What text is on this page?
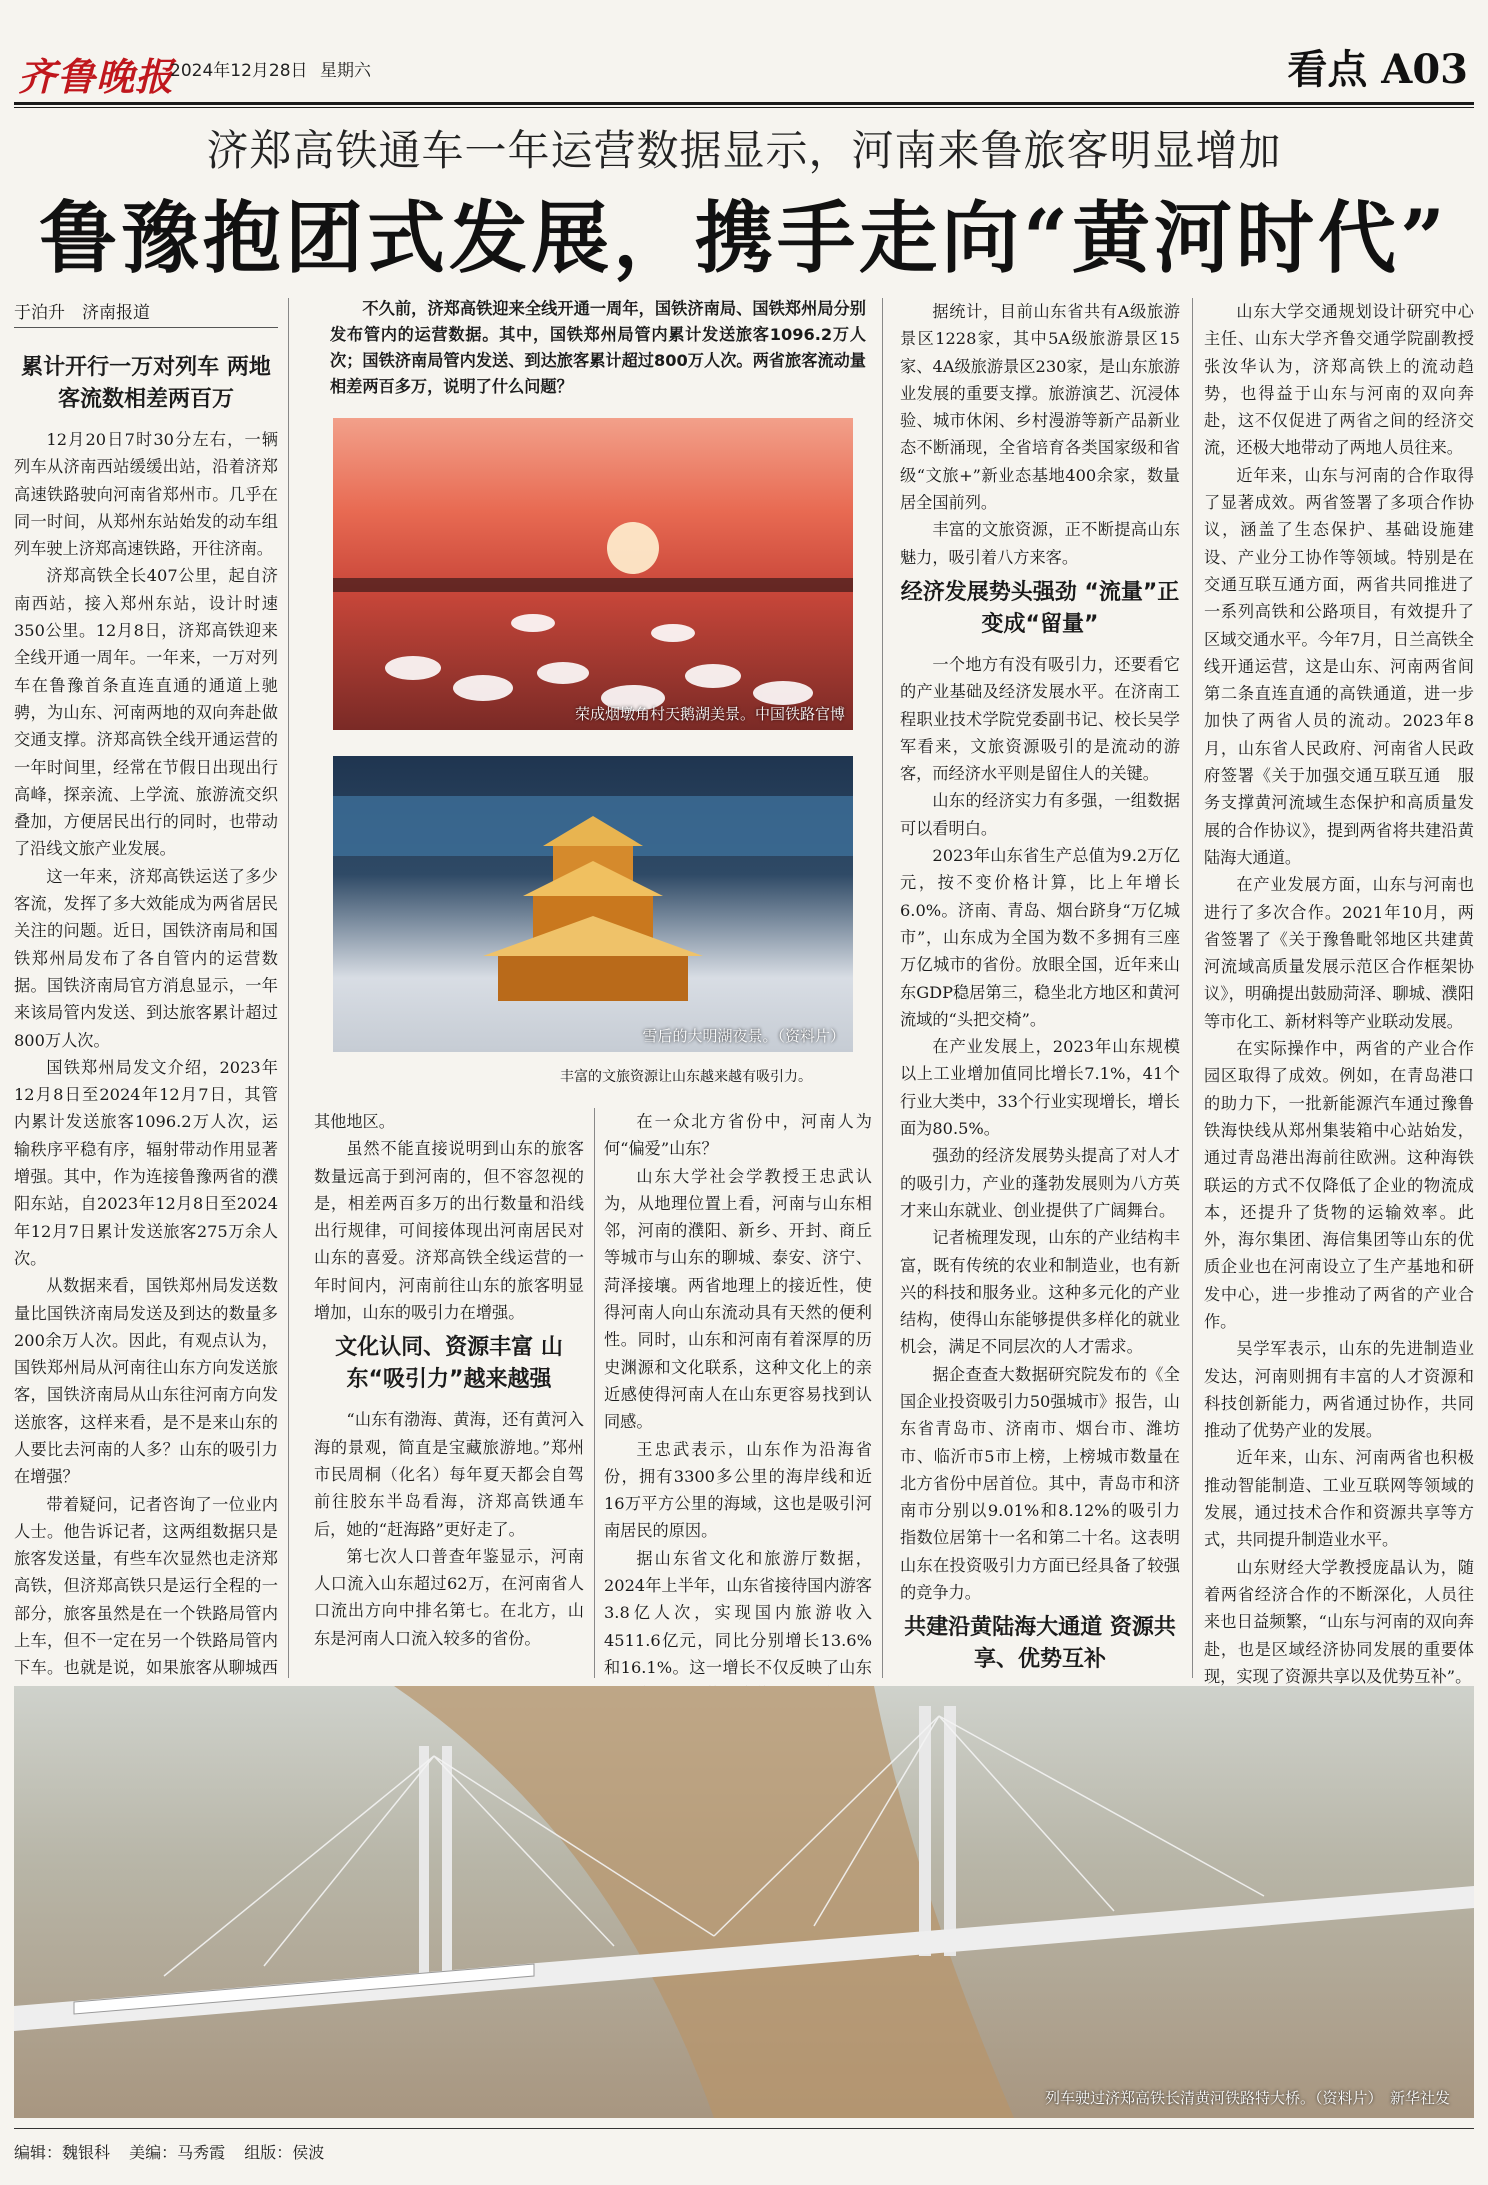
齐鲁晚报
2024年12月28日 星期六	看点 A03
济郑高铁通车一年运营数据显示，河南来鲁旅客明显增加
鲁豫抱团式发展，携手走向“黄河时代”
于泊升　济南报道
累计开行一万对列车 两地客流数相差两百万

12月20日7时30分左右，一辆列车从济南西站缓缓出站，沿着济郑高速铁路驶向河南省郑州市。几乎在同一时间，从郑州东站始发的动车组列车驶上济郑高速铁路，开往济南。

济郑高铁全长407公里，起自济南西站，接入郑州东站，设计时速350公里。12月8日，济郑高铁迎来全线开通一周年。一年来，一万对列车在鲁豫首条直连直通的通道上驰骋，为山东、河南两地的双向奔赴做交通支撑。济郑高铁全线开通运营的一年时间里，经常在节假日出现出行高峰，探亲流、上学流、旅游流交织叠加，方便居民出行的同时，也带动了沿线文旅产业发展。

这一年来，济郑高铁运送了多少客流，发挥了多大效能成为两省居民关注的问题。近日，国铁济南局和国铁郑州局发布了各自管内的运营数据。国铁济南局官方消息显示，一年来该局管内发送、到达旅客累计超过800万人次。

国铁郑州局发文介绍，2023年12月8日至2024年12月7日，其管内累计发送旅客1096.2万人次，运输秩序平稳有序，辐射带动作用显著增强。其中，作为连接鲁豫两省的濮阳东站，自2023年12月8日至2024年12月7日累计发送旅客275万余人次。

从数据来看，国铁郑州局发送数量比国铁济南局发送及到达的数量多200余万人次。因此，有观点认为，国铁郑州局从河南往山东方向发送旅客，国铁济南局从山东往河南方向发送旅客，这样来看，是不是来山东的人要比去河南的人多？山东的吸引力在增强？

带着疑问，记者咨询了一位业内人士。他告诉记者，这两组数据只是旅客发送量，有些车次显然也走济郑高铁，但济郑高铁只是运行全程的一部分，旅客虽然是在一个铁路局管内上车，但不一定在另一个铁路局管内下车。也就是说，如果旅客从聊城西

不久前，济郑高铁迎来全线开通一周年，国铁济南局、国铁郑州局分别发布管内的运营数据。其中，国铁郑州局管内累计发送旅客1096.2万人次；国铁济南局管内发送、到达旅客累计超过800万人次。两省旅客流动量相差两百多万，说明了什么问题？
荣成烟墩角村天鹅湖美景。中国铁路官博
雪后的大明湖夜景。（资料片）
丰富的文旅资源让山东越来越有吸引力。

其他地区。

虽然不能直接说明到山东的旅客数量远高于到河南的，但不容忽视的是，相差两百多万的出行数量和沿线出行规律，可间接体现出河南居民对山东的喜爱。济郑高铁全线运营的一年时间内，河南前往山东的旅客明显增加，山东的吸引力在增强。

文化认同、资源丰富 山东“吸引力”越来越强

“山东有渤海、黄海，还有黄河入海的景观，简直是宝藏旅游地。”郑州市民周桐（化名）每年夏天都会自驾前往胶东半岛看海，济郑高铁通车后，她的“赶海路”更好走了。

第七次人口普查年鉴显示，河南人口流入山东超过62万，在河南省人口流出方向中排名第七。在北方，山东是河南人口流入较多的省份。

在一众北方省份中，河南人为何“偏爱”山东？

山东大学社会学教授王忠武认为，从地理位置上看，河南与山东相邻，河南的濮阳、新乡、开封、商丘等城市与山东的聊城、泰安、济宁、菏泽接壤。两省地理上的接近性，使得河南人向山东流动具有天然的便利性。同时，山东和河南有着深厚的历史渊源和文化联系，这种文化上的亲近感使得河南人在山东更容易找到认同感。

王忠武表示，山东作为沿海省份，拥有3300多公里的海岸线和近16万平方公里的海域，这也是吸引河南居民的原因。

据山东省文化和旅游厅数据，2024年上半年，山东省接待国内游客3.8亿人次，实现国内旅游收入4511.6亿元，同比分别增长13.6%和16.1%。这一增长不仅反映了山东

据统计，目前山东省共有A级旅游景区1228家，其中5A级旅游景区15家、4A级旅游景区230家，是山东旅游业发展的重要支撑。旅游演艺、沉浸体验、城市休闲、乡村漫游等新产品新业态不断涌现，全省培育各类国家级和省级“文旅+”新业态基地400余家，数量居全国前列。

丰富的文旅资源，正不断提高山东魅力，吸引着八方来客。

经济发展势头强劲 “流量”正变成“留量”

一个地方有没有吸引力，还要看它的产业基础及经济发展水平。在济南工程职业技术学院党委副书记、校长吴学军看来，文旅资源吸引的是流动的游客，而经济水平则是留住人的关键。

山东的经济实力有多强，一组数据可以看明白。

2023年山东省生产总值为9.2万亿元，按不变价格计算，比上年增长6.0%。济南、青岛、烟台跻身“万亿城市”，山东成为全国为数不多拥有三座万亿城市的省份。放眼全国，近年来山东GDP稳居第三，稳坐北方地区和黄河流域的“头把交椅”。

在产业发展上，2023年山东规模以上工业增加值同比增长7.1%，41个行业大类中，33个行业实现增长，增长面为80.5%。

强劲的经济发展势头提高了对人才的吸引力，产业的蓬勃发展则为八方英才来山东就业、创业提供了广阔舞台。

记者梳理发现，山东的产业结构丰富，既有传统的农业和制造业，也有新兴的科技和服务业。这种多元化的产业结构，使得山东能够提供多样化的就业机会，满足不同层次的人才需求。

据企查查大数据研究院发布的《全国企业投资吸引力50强城市》报告，山东省青岛市、济南市、烟台市、潍坊市、临沂市5市上榜，上榜城市数量在北方省份中居首位。其中，青岛市和济南市分别以9.01%和8.12%的吸引力指数位居第十一名和第二十名。这表明山东在投资吸引力方面已经具备了较强的竞争力。

共建沿黄陆海大通道 资源共享、优势互补

山东大学交通规划设计研究中心主任、山东大学齐鲁交通学院副教授张汝华认为，济郑高铁上的流动趋势，也得益于山东与河南的双向奔赴，这不仅促进了两省之间的经济交流，还极大地带动了两地人员往来。

近年来，山东与河南的合作取得了显著成效。两省签署了多项合作协议，涵盖了生态保护、基础设施建设、产业分工协作等领域。特别是在交通互联互通方面，两省共同推进了一系列高铁和公路项目，有效提升了区域交通水平。今年7月，日兰高铁全线开通运营，这是山东、河南两省间第二条直连直通的高铁通道，进一步加快了两省人员的流动。2023年8月，山东省人民政府、河南省人民政府签署《关于加强交通互联互通　服务支撑黄河流域生态保护和高质量发展的合作协议》，提到两省将共建沿黄陆海大通道。

在产业发展方面，山东与河南也进行了多次合作。2021年10月，两省签署了《关于豫鲁毗邻地区共建黄河流域高质量发展示范区合作框架协议》，明确提出鼓励菏泽、聊城、濮阳等市化工、新材料等产业联动发展。

在实际操作中，两省的产业合作园区取得了成效。例如，在青岛港口的助力下，一批新能源汽车通过豫鲁铁海快线从郑州集装箱中心站始发，通过青岛港出海前往欧洲。这种海铁联运的方式不仅降低了企业的物流成本，还提升了货物的运输效率。此外，海尔集团、海信集团等山东的优质企业也在河南设立了生产基地和研发中心，进一步推动了两省的产业合作。

吴学军表示，山东的先进制造业发达，河南则拥有丰富的人才资源和科技创新能力，两省通过协作，共同推动了优势产业的发展。

近年来，山东、河南两省也积极推动智能制造、工业互联网等领域的发展，通过技术合作和资源共享等方式，共同提升制造业水平。

山东财经大学教授庞晶认为，随着两省经济合作的不断深化，人员往来也日益频繁，“山东与河南的双向奔赴，也是区域经济协同发展的重要体现，实现了资源共享以及优势互补”。

列车驶过济郑高铁长清黄河铁路特大桥。（资料片）　新华社发
编辑：魏银科 美编：马秀霞 组版：侯波
